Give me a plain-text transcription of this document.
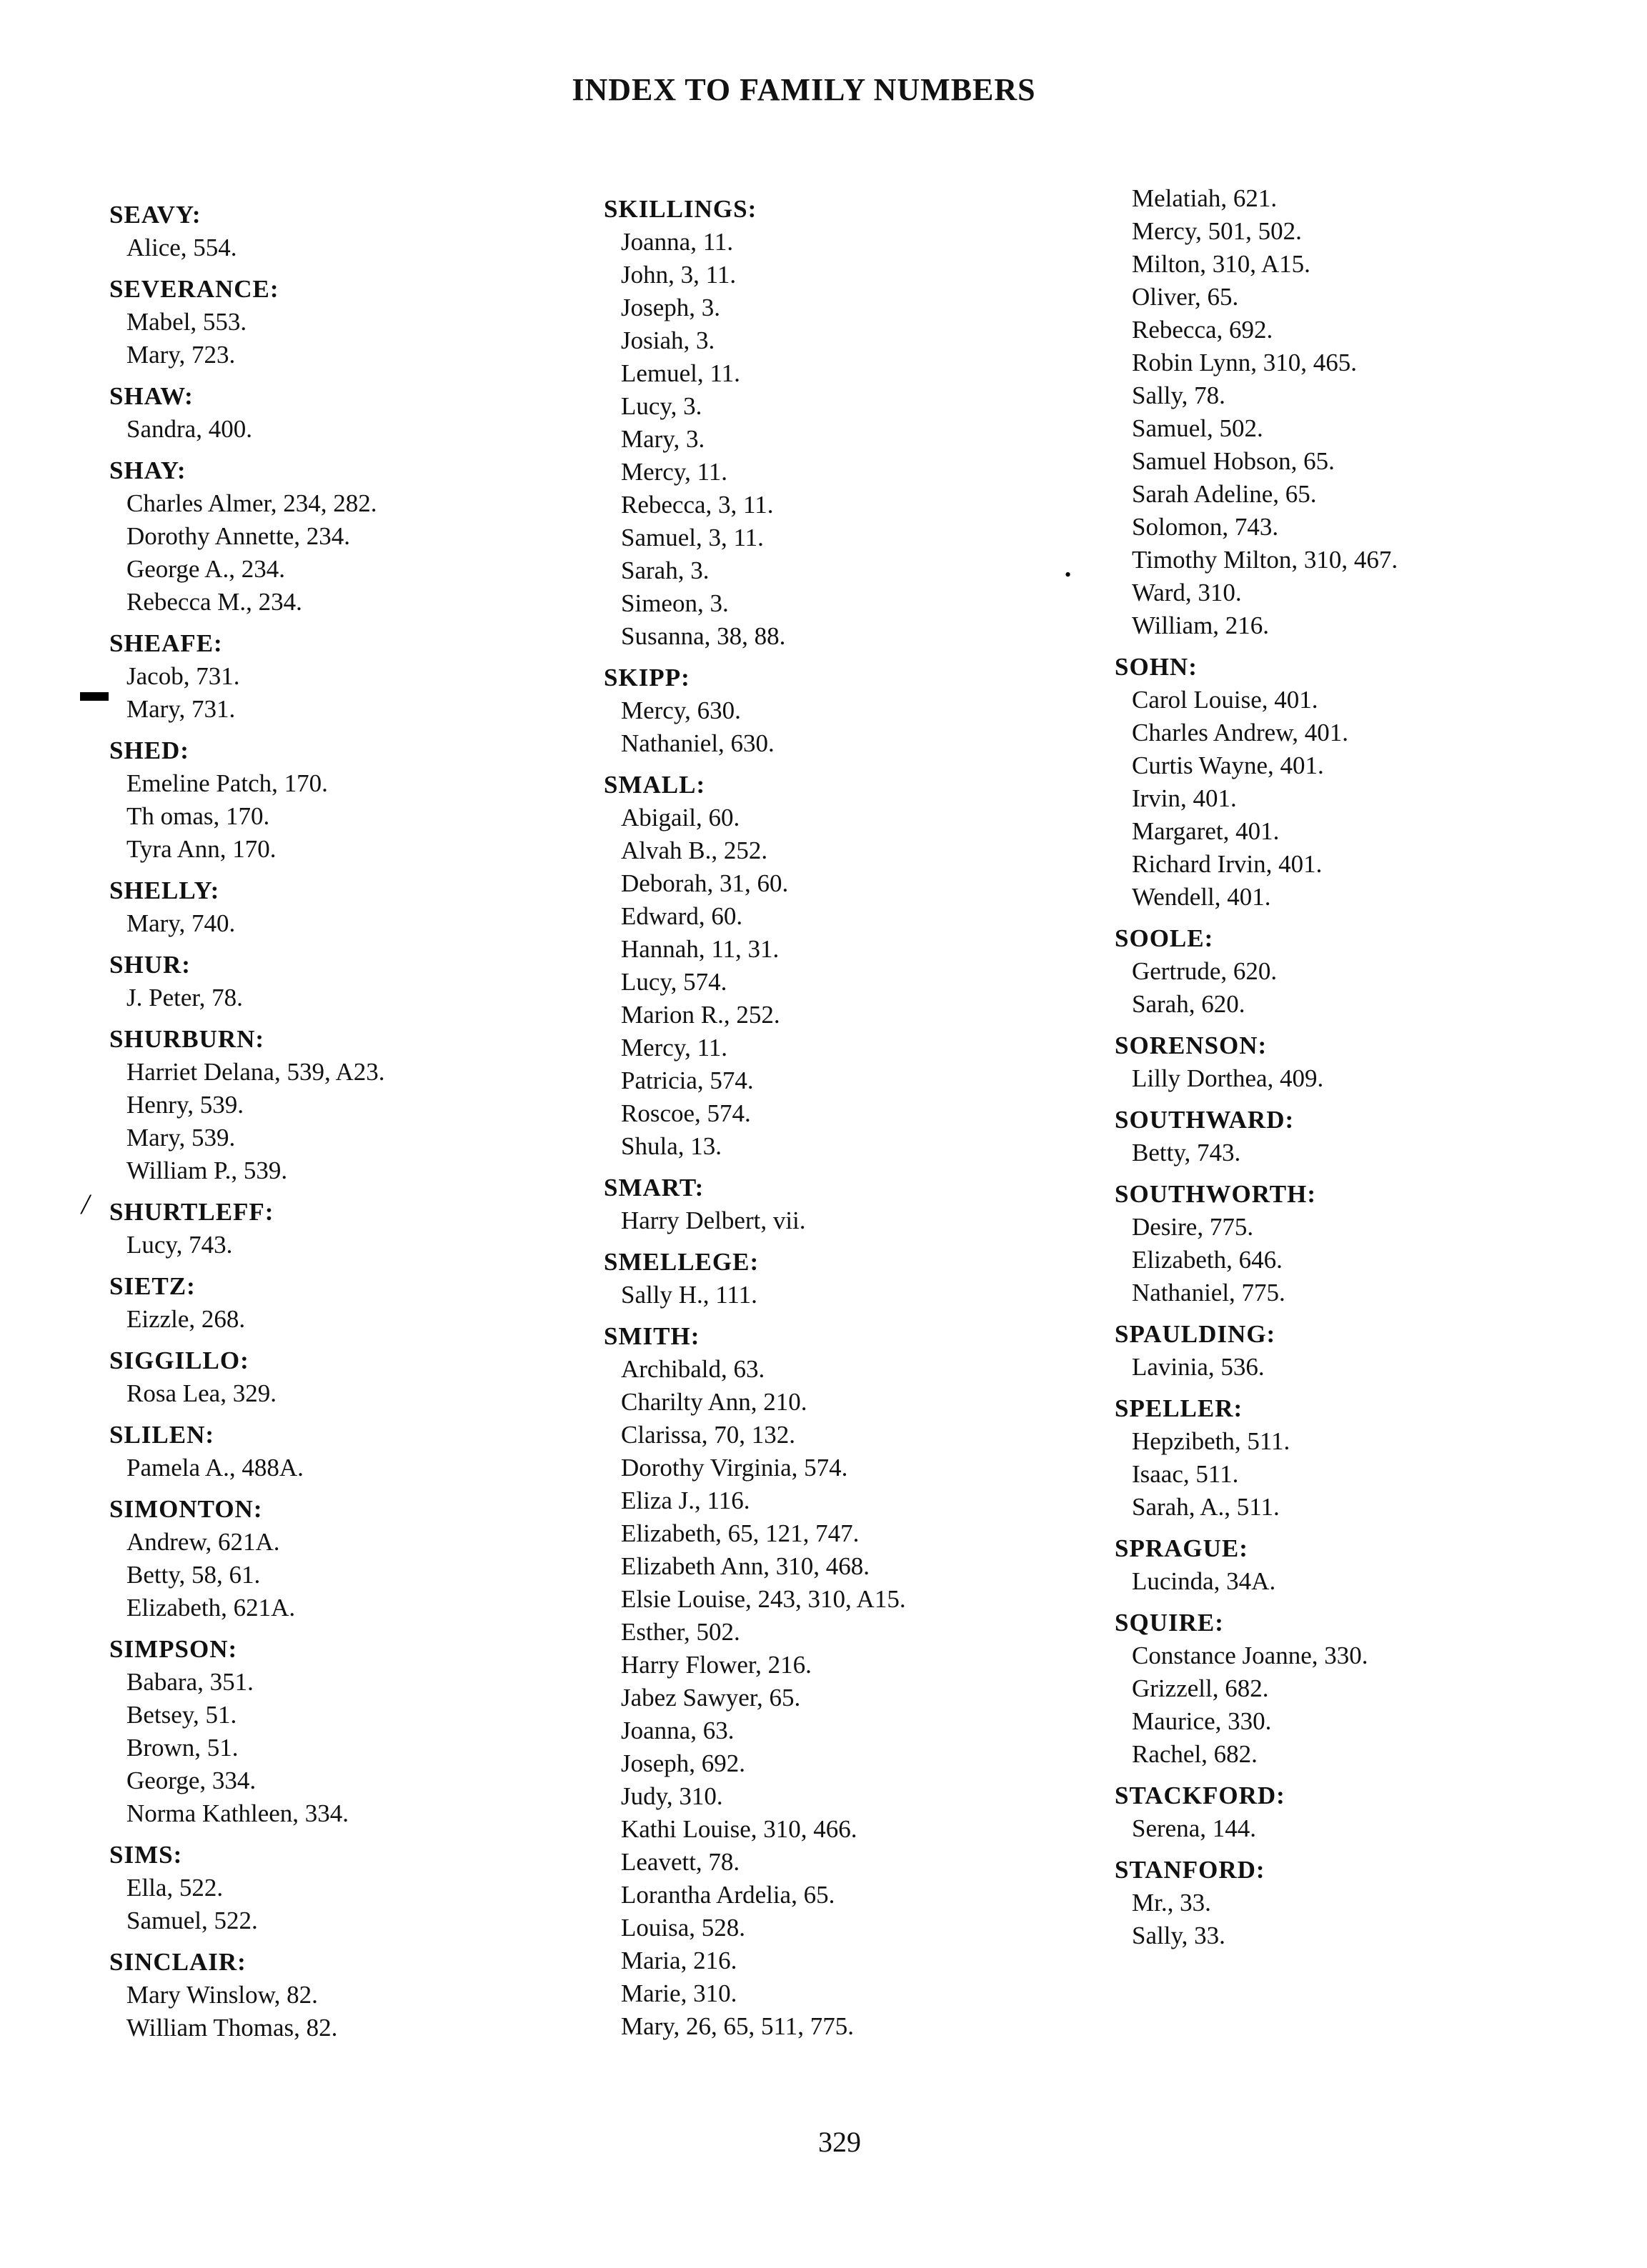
INDEX TO FAMILY NUMBERS
SEAVY:
Alice, 554.
SEVERANCE:
Mabel, 553.
Mary, 723.
SHAW:
Sandra, 400.
SHAY:
Charles Almer, 234, 282.
Dorothy Annette, 234.
George A., 234.
Rebecca M., 234.
SHEAFE:
Jacob, 731.
Mary, 731.
SHED:
Emeline Patch, 170.
Th omas, 170.
Tyra Ann, 170.
SHELLY:
Mary, 740.
SHUR:
J. Peter, 78.
SHURBURN:
Harriet Delana, 539, A23.
Henry, 539.
Mary, 539.
William P., 539.
SHURTLEFF:
Lucy, 743.
SIETZ:
Eizzle, 268.
SIGGILLO:
Rosa Lea, 329.
SLILEN:
Pamela A., 488A.
SIMONTON:
Andrew, 621A.
Betty, 58, 61.
Elizabeth, 621A.
SIMPSON:
Babara, 351.
Betsey, 51.
Brown, 51.
George, 334.
Norma Kathleen, 334.
SIMS:
Ella, 522.
Samuel, 522.
SINCLAIR:
Mary Winslow, 82.
William Thomas, 82.
SKILLINGS:
Joanna, 11.
John, 3, 11.
Joseph, 3.
Josiah, 3.
Lemuel, 11.
Lucy, 3.
Mary, 3.
Mercy, 11.
Rebecca, 3, 11.
Samuel, 3, 11.
Sarah, 3.
Simeon, 3.
Susanna, 38, 88.
SKIPP:
Mercy, 630.
Nathaniel, 630.
SMALL:
Abigail, 60.
Alvah B., 252.
Deborah, 31, 60.
Edward, 60.
Hannah, 11, 31.
Lucy, 574.
Marion R., 252.
Mercy, 11.
Patricia, 574.
Roscoe, 574.
Shula, 13.
SMART:
Harry Delbert, vii.
SMELLEGE:
Sally H., 111.
SMITH:
Archibald, 63.
Charilty Ann, 210.
Clarissa, 70, 132.
Dorothy Virginia, 574.
Eliza J., 116.
Elizabeth, 65, 121, 747.
Elizabeth Ann, 310, 468.
Elsie Louise, 243, 310, A15.
Esther, 502.
Harry Flower, 216.
Jabez Sawyer, 65.
Joanna, 63.
Joseph, 692.
Judy, 310.
Kathi Louise, 310, 466.
Leavett, 78.
Lorantha Ardelia, 65.
Louisa, 528.
Maria, 216.
Marie, 310.
Mary, 26, 65, 511, 775.
Melatiah, 621.
Mercy, 501, 502.
Milton, 310, A15.
Oliver, 65.
Rebecca, 692.
Robin Lynn, 310, 465.
Sally, 78.
Samuel, 502.
Samuel Hobson, 65.
Sarah Adeline, 65.
Solomon, 743.
Timothy Milton, 310, 467.
Ward, 310.
William, 216.
SOHN:
Carol Louise, 401.
Charles Andrew, 401.
Curtis Wayne, 401.
Irvin, 401.
Margaret, 401.
Richard Irvin, 401.
Wendell, 401.
SOOLE:
Gertrude, 620.
Sarah, 620.
SORENSON:
Lilly Dorthea, 409.
SOUTHWARD:
Betty, 743.
SOUTHWORTH:
Desire, 775.
Elizabeth, 646.
Nathaniel, 775.
SPAULDING:
Lavinia, 536.
SPELLER:
Hepzibeth, 511.
Isaac, 511.
Sarah, A., 511.
SPRAGUE:
Lucinda, 34A.
SQUIRE:
Constance Joanne, 330.
Grizzell, 682.
Maurice, 330.
Rachel, 682.
STACKFORD:
Serena, 144.
STANFORD:
Mr., 33.
Sally, 33.
329
▬
/
•
